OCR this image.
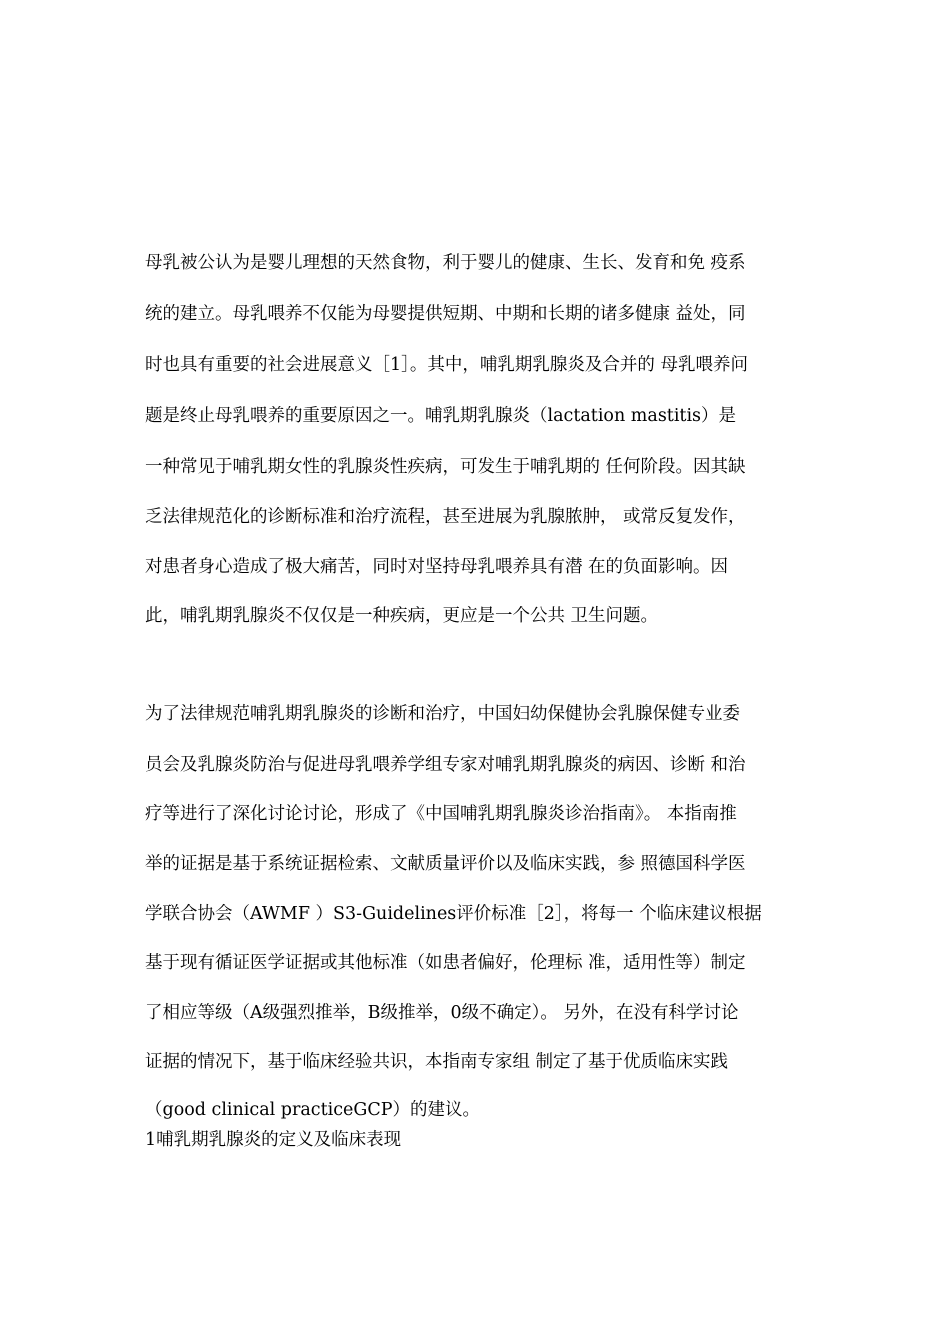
母乳被公认为是婴儿理想的天然食物，利于婴儿的健康、生长、发育和免 疫系
统的建立。母乳喂养不仅能为母婴提供短期、中期和长期的诸多健康 益处，同
时也具有重要的社会进展意义［1］。其中，哺乳期乳腺炎及合并的 母乳喂养问
题是终止母乳喂养的重要原因之一。哺乳期乳腺炎（lactation mastitis）是
一种常见于哺乳期女性的乳腺炎性疾病，可发生于哺乳期的 任何阶段。因其缺
乏法律规范化的诊断标准和治疗流程，甚至进展为乳腺脓肿， 或常反复发作，
对患者身心造成了极大痛苦，同时对坚持母乳喂养具有潜 在的负面影响。因
此，哺乳期乳腺炎不仅仅是一种疾病，更应是一个公共 卫生问题。
为了法律规范哺乳期乳腺炎的诊断和治疗，中国妇幼保健协会乳腺保健专业委
员会及乳腺炎防治与促进母乳喂养学组专家对哺乳期乳腺炎的病因、诊断 和治
疗等进行了深化讨论讨论，形成了《中国哺乳期乳腺炎诊治指南》。 本指南推
举的证据是基于系统证据检索、文献质量评价以及临床实践，参 照德国科学医
学联合协会（AWMF ）S3-Guidelines评价标准［2］，将每一 个临床建议根据
基于现有循证医学证据或其他标准（如患者偏好，伦理标 准，适用性等）制定
了相应等级（A级强烈推举，B级推举，0级不确定）。 另外，在没有科学讨论
证据的情况下，基于临床经验共识，本指南专家组 制定了基于优质临床实践
（good clinical practiceGCP）的建议。
1哺乳期乳腺炎的定义及临床表现
